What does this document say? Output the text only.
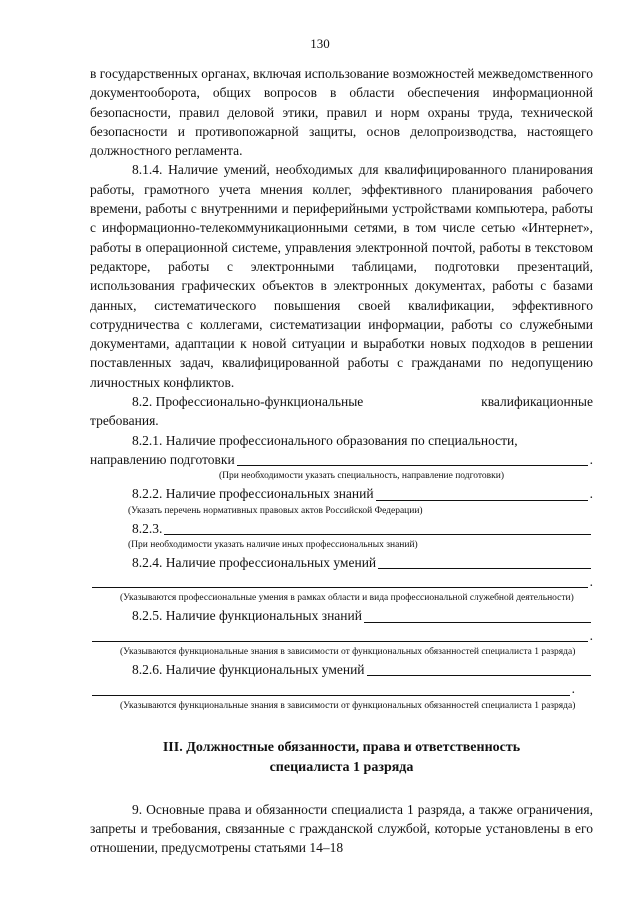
130

в государственных органах, включая использование возможностей межведомственного документооборота, общих вопросов в области обеспечения информационной безопасности, правил деловой этики, правил и норм охраны труда, технической безопасности и противопожарной защиты, основ делопроизводства, настоящего должностного регламента.

8.1.4. Наличие умений, необходимых для квалифицированного планирования работы, грамотного учета мнения коллег, эффективного планирования рабочего времени, работы с внутренними и периферийными устройствами компьютера, работы с информационно-телекоммуникационными сетями, в том числе сетью «Интернет», работы в операционной системе, управления электронной почтой, работы в текстовом редакторе, работы с электронными таблицами, подготовки презентаций, использования графических объектов в электронных документах, работы с базами данных, систематического повышения своей квалификации, эффективного сотрудничества с коллегами, систематизации информации, работы со служебными документами, адаптации к новой ситуации и выработки новых подходов в решении поставленных задач, квалифицированной работы с гражданами по недопущению личностных конфликтов.

8.2. Профессионально-функциональные	квалификационные

требования.

8.2.1. Наличие профессионального образования по специальности,

направлению подготовки	.
(При необходимости указать специальность, направление подготовки)
8.2.2. Наличие профессиональных знаний	.
(Указать перечень нормативных правовых актов Российской Федерации)
8.2.3.
(При необходимости указать наличие иных профессиональных знаний)
8.2.4. Наличие профессиональных умений
.
(Указываются профессиональные умения в рамках области и вида профессиональной служебной деятельности)
8.2.5. Наличие функциональных знаний
.
(Указываются функциональные знания в зависимости от функциональных обязанностей специалиста 1 разряда)
8.2.6. Наличие функциональных умений
.
(Указываются функциональные знания в зависимости от функциональных обязанностей специалиста 1 разряда)
III. Должностные обязанности, права и ответственность
специалиста 1 разряда

9. Основные права и обязанности специалиста 1 разряда, а также ограничения, запреты и требования, связанные с гражданской службой, которые установлены в его отношении, предусмотрены статьями 14–18
